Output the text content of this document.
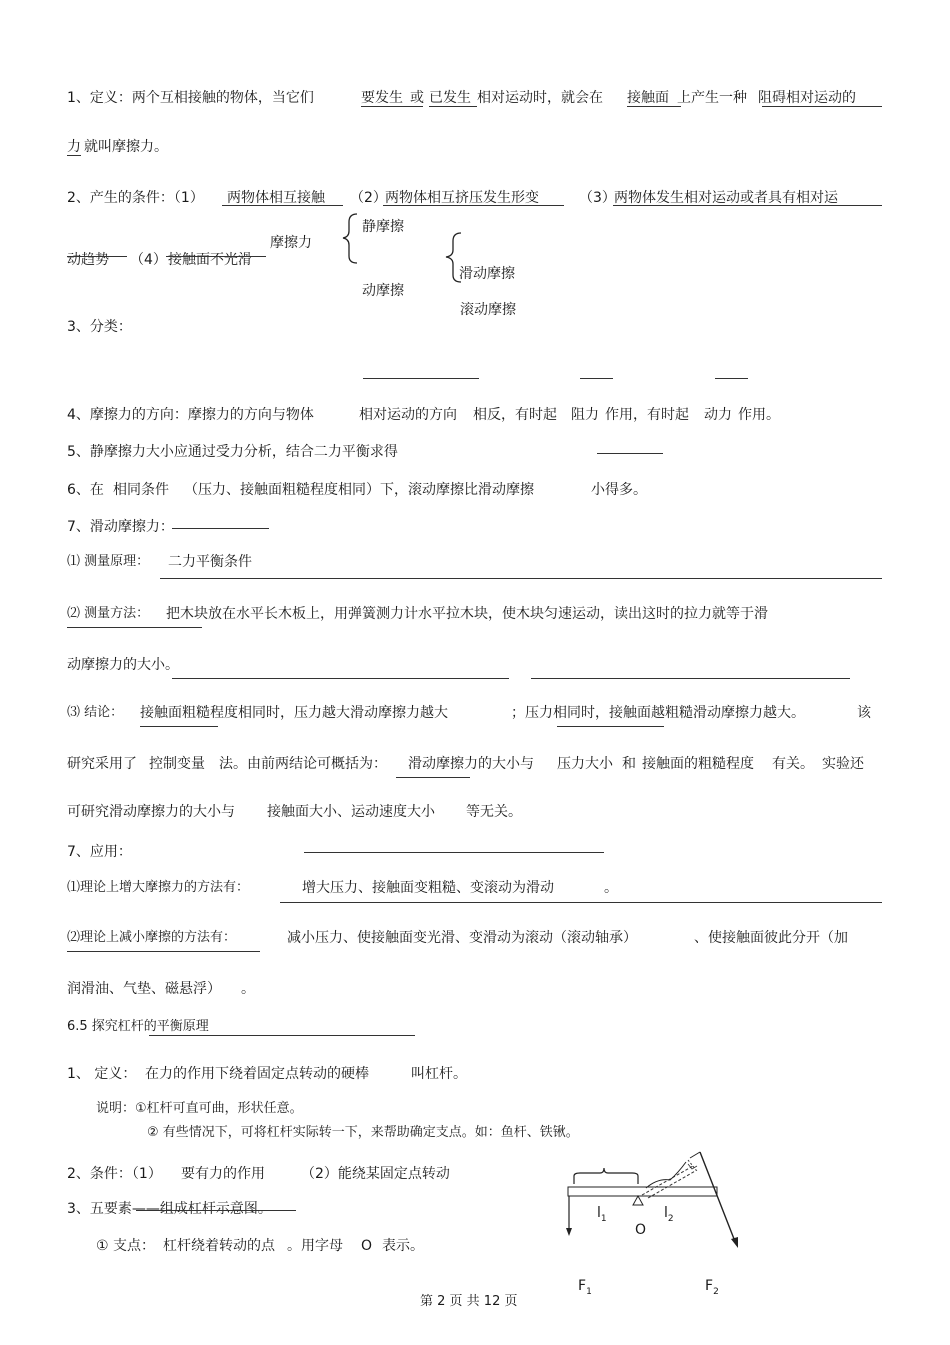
1、定义：两个互相接触的物体，当它们	要发生 或 已发生 相对运动时，就会在 接触面 上产生一种 阻碍相对运动的
力 就叫摩擦力。
2、产生的条件：（1） 两物体相互接触 （2）
两物体相互挤压发生形变	（3）
两物体发生相对运动或者具有相对运
动趋势 （4） 接触面不光滑
摩擦力
静摩擦
动摩擦
滑动摩擦
滚动摩擦
3、分类：
4、摩擦力的方向：摩擦力的方向与物体	相对运动的方向 相反，有时起 阻力 作用，有时起 动力 作用。
5、静摩擦力大小应通过受力分析，结合二力平衡求得
6、在 相同条件 （压力、接触面粗糙程度相同）下，滚动摩擦比滑动摩擦	小得多。
7、滑动摩擦力：
⑴ 测量原理： 二力平衡条件
⑵ 测量方法： 把木块放在水平长木板上，用弹簧测力计水平拉木块，使木块匀速运动，读出这时的拉力就等于滑
动摩擦力的大小。
⑶ 结论： 接触面粗糙程度相同时，压力越大滑动摩擦力越大	；压力相同时，接触面越粗糙滑动摩擦力越大。	该
研究采用了 控制变量 法。由前两结论可概括为： 滑动摩擦力的大小与 压力大小 和 接触面的粗糙程度 有关。 实验还
可研究滑动摩擦力的大小与 接触面大小、运动速度大小 等无关。
7、应用：
⑴理论上增大摩擦力的方法有：	增大压力、接触面变粗糙、变滚动为滑动	。
⑵理论上减小摩擦的方法有：	减小压力、使接触面变光滑、变滑动为滚动（滚动轴承）	、使接触面彼此分开（加
润滑油、气垫、磁悬浮） 。
6.5 探究杠杆的平衡原理
1、 定义： 在力的作用下绕着固定点转动的硬棒	叫杠杆。
说明：①杠杆可直可曲，形状任意。
② 有些情况下，可将杠杆实际转一下，来帮助确定支点。如：鱼杆、铁锹。
2、条件：（1） 要有力的作用	（2）能绕某固定点转动
3、五要素——组成杠杆示意图。
① 支点： 杠杆绕着转动的点 。用字母 O 表示。
$l_1$	$l_2$
O
$F_1$	$F_2$
第 2 页 共 12 页
